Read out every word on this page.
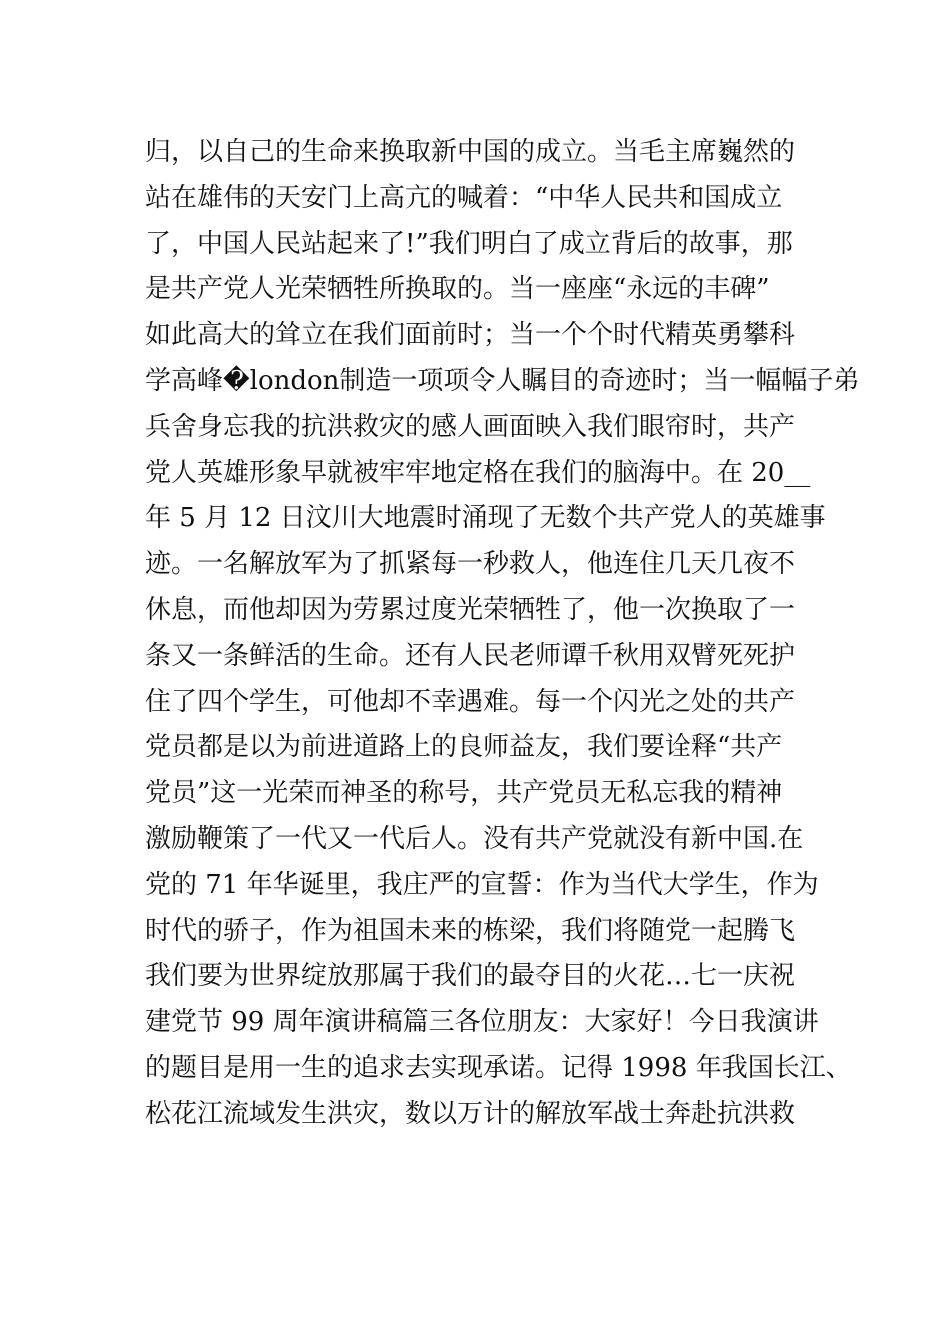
归，以自己的生命来换取新中国的成立。当毛主席巍然的
站在雄伟的天安门上高亢的喊着：“中华人民共和国成立
了，中国人民站起来了!”我们明白了成立背后的故事，那
是共产党人光荣牺牲所换取的。当一座座“永远的丰碑”
如此高大的耸立在我们面前时；当一个个时代精英勇攀科
学高峰�london制造一项项令人瞩目的奇迹时；当一幅幅子弟
兵舍身忘我的抗洪救灾的感人画面映入我们眼帘时，共产
党人英雄形象早就被牢牢地定格在我们的脑海中。在 20__
年 5 月 12 日汶川大地震时涌现了无数个共产党人的英雄事
迹。一名解放军为了抓紧每一秒救人，他连住几天几夜不
休息，而他却因为劳累过度光荣牺牲了，他一次换取了一
条又一条鲜活的生命。还有人民老师谭千秋用双臂死死护
住了四个学生，可他却不幸遇难。每一个闪光之处的共产
党员都是以为前进道路上的良师益友，我们要诠释“共产
党员”这一光荣而神圣的称号，共产党员无私忘我的精神
激励鞭策了一代又一代后人。没有共产党就没有新中国.在
党的 71 年华诞里，我庄严的宣誓：作为当代大学生，作为
时代的骄子，作为祖国未来的栋梁，我们将随党一起腾飞
我们要为世界绽放那属于我们的最夺目的火花…七一庆祝
建党节 99 周年演讲稿篇三各位朋友：大家好！今日我演讲
的题目是用一生的追求去实现承诺。记得 1998 年我国长江、
松花江流域发生洪灾，数以万计的解放军战士奔赴抗洪救
